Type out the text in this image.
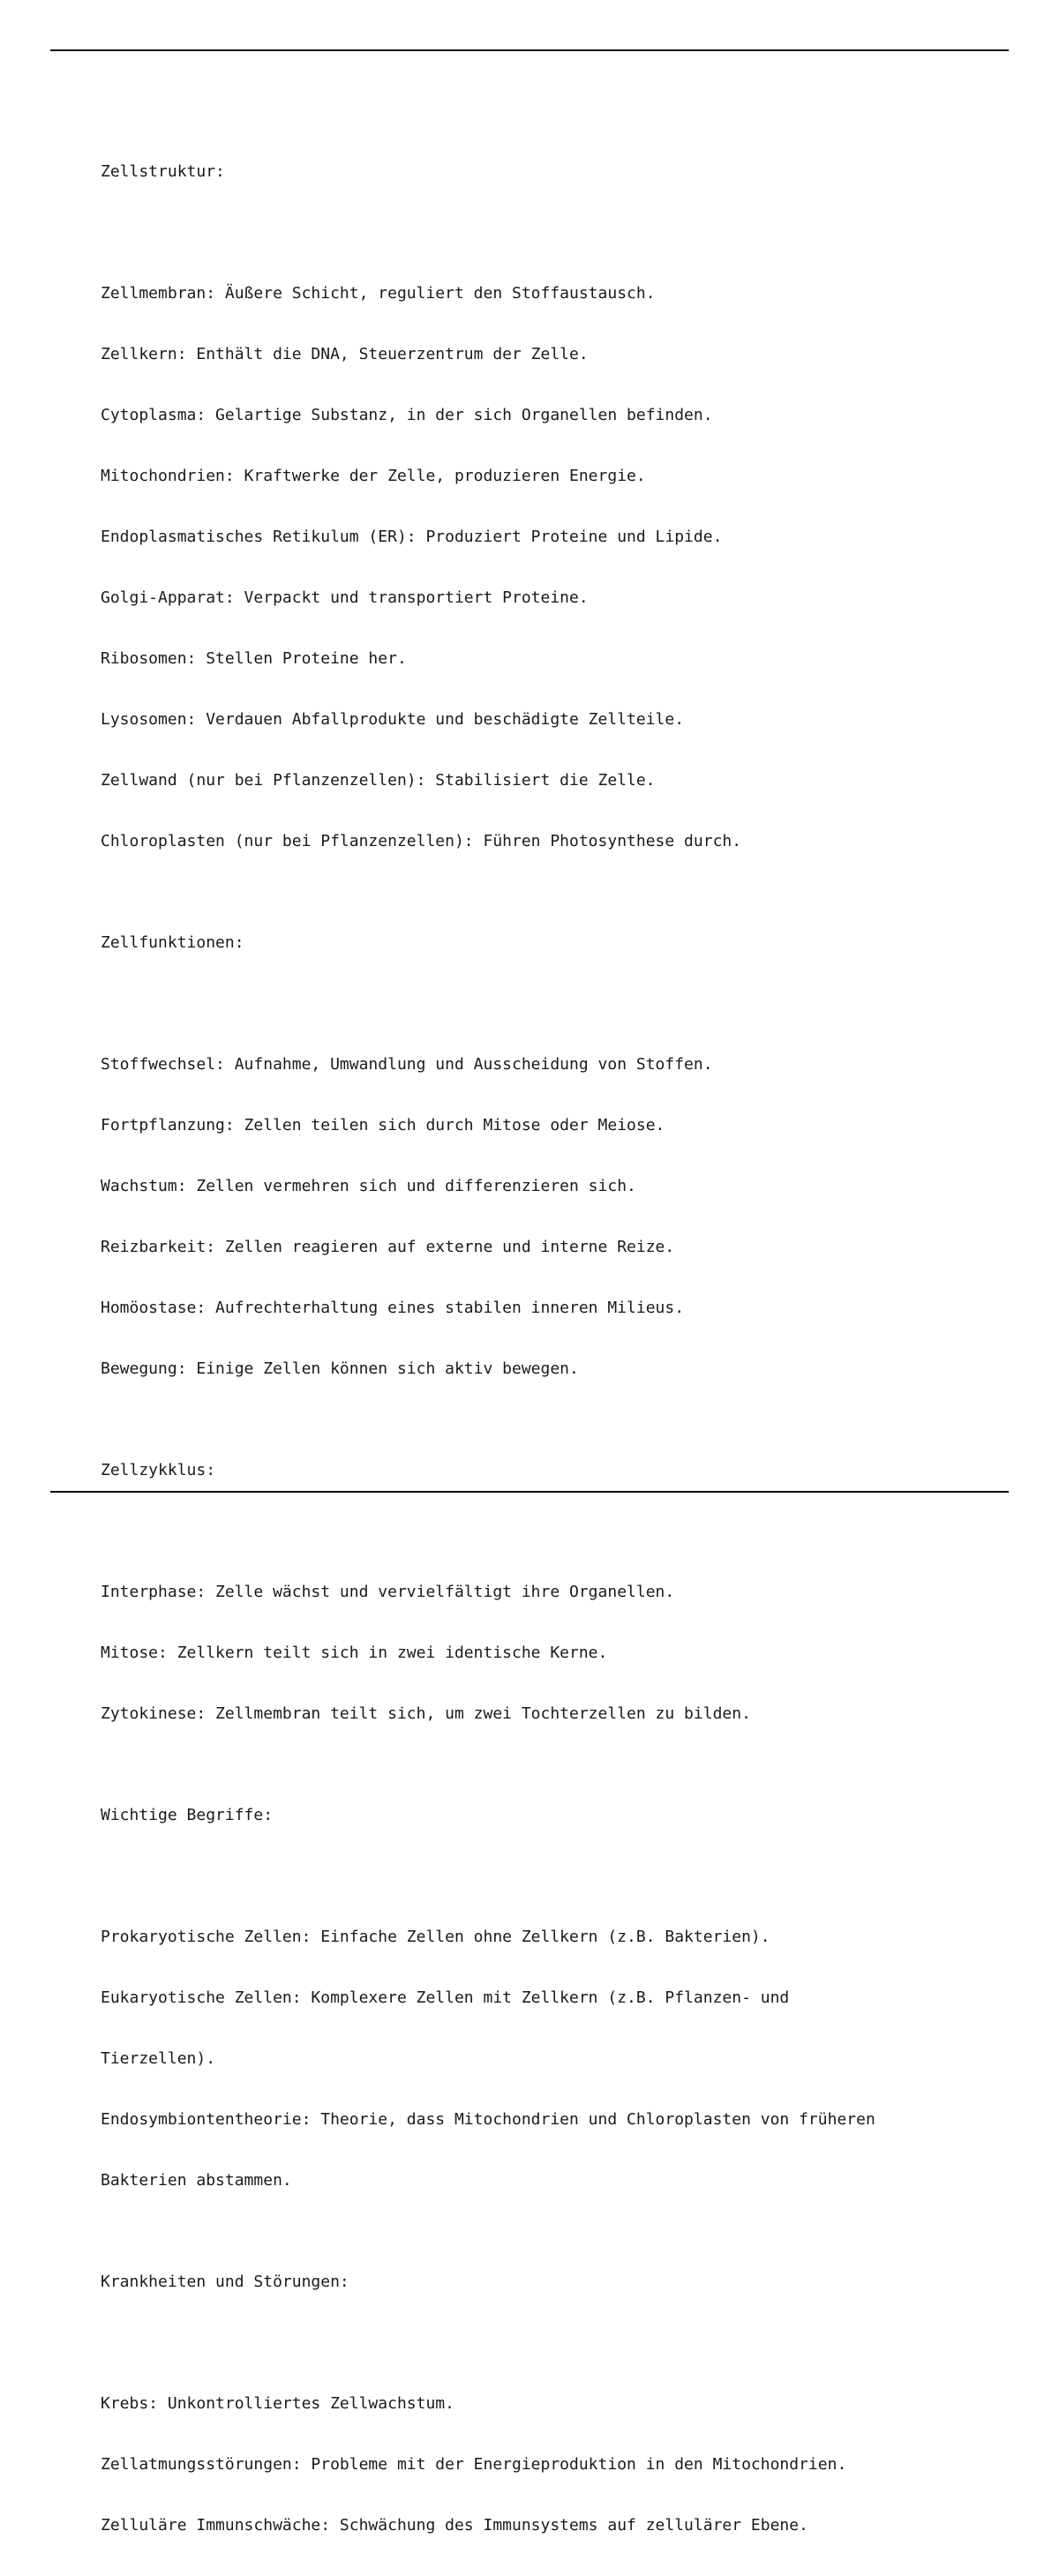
Zellstruktur:

Zellmembran: Äußere Schicht, reguliert den Stoffaustausch.

Zellkern: Enthält die DNA, Steuerzentrum der Zelle.

Cytoplasma: Gelartige Substanz, in der sich Organellen befinden.

Mitochondrien: Kraftwerke der Zelle, produzieren Energie.

Endoplasmatisches Retikulum (ER): Produziert Proteine und Lipide.

Golgi-Apparat: Verpackt und transportiert Proteine.

Ribosomen: Stellen Proteine her.

Lysosomen: Verdauen Abfallprodukte und beschädigte Zellteile.

Zellwand (nur bei Pflanzenzellen): Stabilisiert die Zelle.

Chloroplasten (nur bei Pflanzenzellen): Führen Photosynthese durch.

Zellfunktionen:

Stoffwechsel: Aufnahme, Umwandlung und Ausscheidung von Stoffen.

Fortpflanzung: Zellen teilen sich durch Mitose oder Meiose.

Wachstum: Zellen vermehren sich und differenzieren sich.

Reizbarkeit: Zellen reagieren auf externe und interne Reize.

Homöostase: Aufrechterhaltung eines stabilen inneren Milieus.

Bewegung: Einige Zellen können sich aktiv bewegen.

Zellzykklus:

Interphase: Zelle wächst und vervielfältigt ihre Organellen.

Mitose: Zellkern teilt sich in zwei identische Kerne.

Zytokinese: Zellmembran teilt sich, um zwei Tochterzellen zu bilden.

Wichtige Begriffe:

Prokaryotische Zellen: Einfache Zellen ohne Zellkern (z.B. Bakterien).

Eukaryotische Zellen: Komplexere Zellen mit Zellkern (z.B. Pflanzen- und

Tierzellen).

Endosymbiontentheorie: Theorie, dass Mitochondrien und Chloroplasten von früheren

Bakterien abstammen.

Krankheiten und Störungen:

Krebs: Unkontrolliertes Zellwachstum.

Zellatmungsstörungen: Probleme mit der Energieproduktion in den Mitochondrien.

Zelluläre Immunschwäche: Schwächung des Immunsystems auf zellulärer Ebene.
